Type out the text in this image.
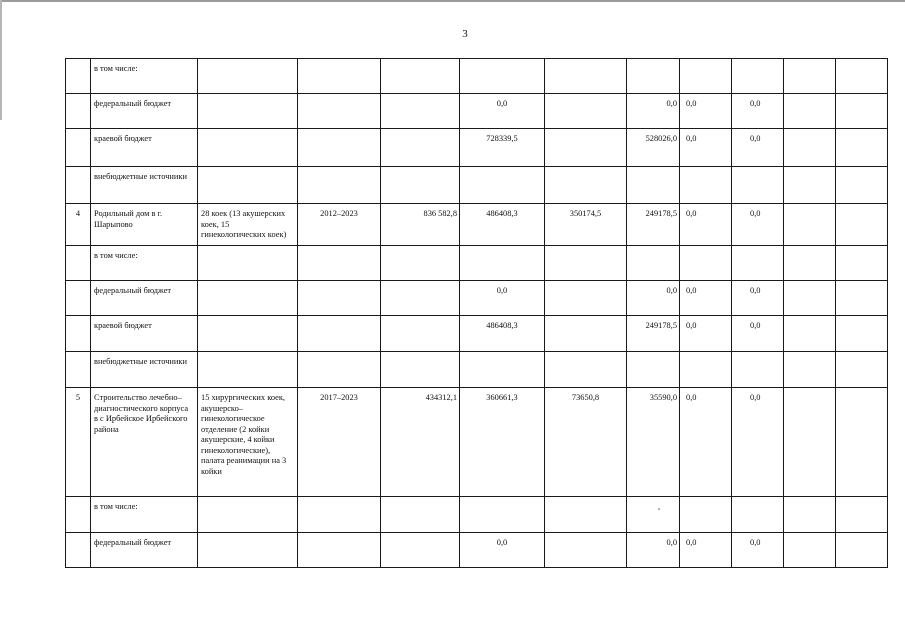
3
	в том числе:										
	федеральный бюджет				0,0		0,0	0,0	0,0		
	краевой бюджет				728339,5		528026,0	0,0	0,0		
	внебюджетные источники										
4	Родильный дом в г. Шарыпово	28 коек (13 акушерских коек, 15 гинекологических коек)	2012–2023	836 582,8	486408,3	350174,5	249178,5	0,0	0,0		
	в том числе:										
	федеральный бюджет				0,0		0,0	0,0	0,0		
	краевой бюджет				486408,3		249178,5	0,0	0,0		
	внебюджетные источники										
5	Строительство лечебно–диагностического корпуса в с Ирбейское Ирбейского района	15 хирургических коек, акушерско–гинекологическое отделение (2 койки акушерские, 4 койки гинекологические), палата реанимации на 3 койки	2017–2023	434312,1	360661,3	73650,8	35590,0	0,0	0,0		
	в том числе:										
	федеральный бюджет				0,0		0,0	0,0	0,0		
